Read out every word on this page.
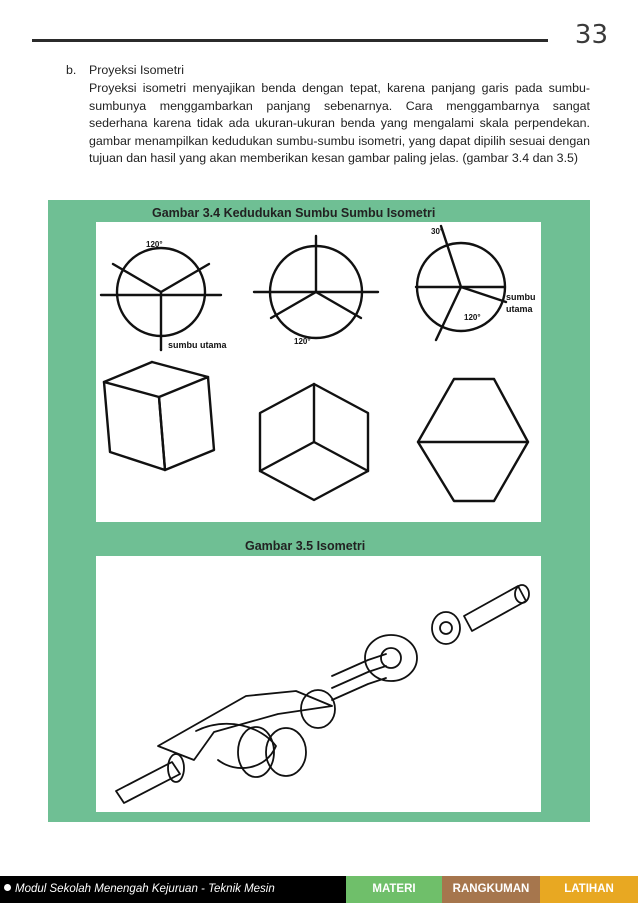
33
b. Proyeksi Isometri

Proyeksi isometri menyajikan benda dengan tepat, karena panjang garis pada sumbu-sumbunya menggambarkan panjang sebenarnya. Cara menggambarnya sangat sederhana karena tidak ada ukuran-ukuran benda yang mengalami skala perpendekan. gambar menampilkan kedudukan sumbu-sumbu isometri, yang dapat dipilih sesuai dengan tujuan dan hasil yang akan memberikan kesan gambar paling jelas. (gambar 3.4 dan 3.5)

Gambar 3.4 Kedudukan Sumbu Sumbu Isometri
120°
120°
120°
30°
sumbu utama
sumbu
utama
Gambar 3.5 Isometri
Modul Sekolah Menengah Kejuruan - Teknik Mesin	MATERI	RANGKUMAN	LATIHAN
